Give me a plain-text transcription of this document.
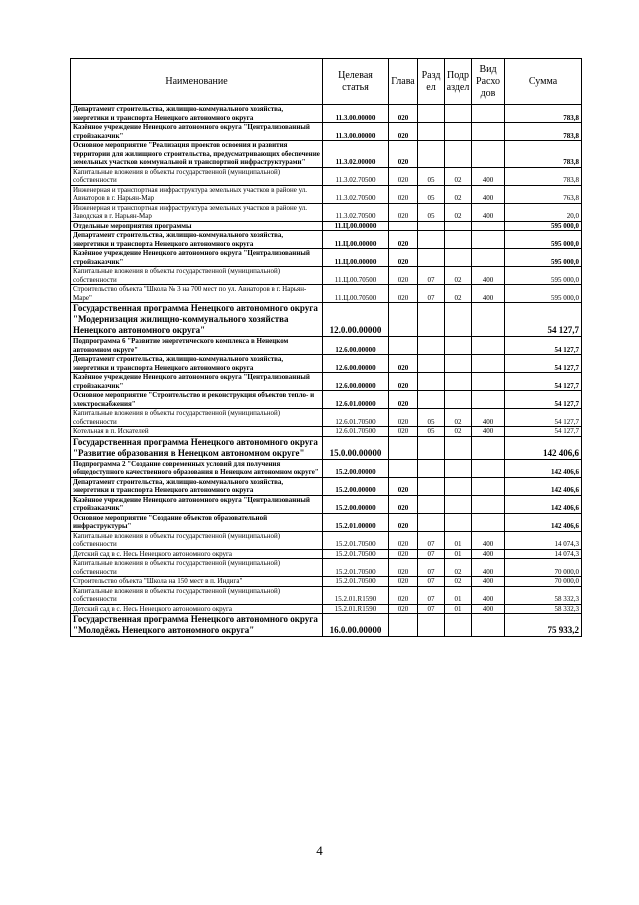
Наименование	Целевая статья	Глава	Разд ел	Подр аздел	Вид Расхо дов	Сумма
Департамент строительства, жилищно-коммунального хозяйства, энергетики и транспорта Ненецкого автономного округа	11.3.00.00000	020				783,8
Казённое учреждение Ненецкого автономного округа "Централизованный стройзаказчик"	11.3.00.00000	020				783,8
Основное мероприятие "Реализация проектов освоения и развития территории для жилищного строительства, предусматривающих обеспечение земельных участков коммунальной и транспортной инфраструктурами"	11.3.02.00000	020				783,8
Капитальные вложения в объекты государственной (муниципальной) собственности	11.3.02.70500	020	05	02	400	783,8
Инженерная и транспортная инфраструктура земельных участков в районе ул. Авиаторов в г. Нарьян-Мар	11.3.02.70500	020	05	02	400	763,8
Инженерная и транспортная инфраструктура земельных участков в районе ул. Заводская в г. Нарьян-Мар	11.3.02.70500	020	05	02	400	20,0
Отдельные мероприятия программы	11.Ц.00.00000					595 000,0
Департамент строительства, жилищно-коммунального хозяйства, энергетики и транспорта Ненецкого автономного округа	11.Ц.00.00000	020				595 000,0
Казённое учреждение Ненецкого автономного округа "Централизованный стройзаказчик"	11.Ц.00.00000	020				595 000,0
Капитальные вложения в объекты государственной (муниципальной) собственности	11.Ц.00.70500	020	07	02	400	595 000,0
Строительство объекта "Школа № 3 на 700 мест по ул. Авиаторов в г. Нарьян-Маре"	11.Ц.00.70500	020	07	02	400	595 000,0
Государственная программа Ненецкого автономного округа "Модернизация жилищно-коммунального хозяйства Ненецкого автономного округа"	12.0.00.00000					54 127,7
Подпрограмма 6 "Развитие энергетического комплекса в Ненецком автономном округе"	12.6.00.00000					54 127,7
Департамент строительства, жилищно-коммунального хозяйства, энергетики и транспорта Ненецкого автономного округа	12.6.00.00000	020				54 127,7
Казённое учреждение Ненецкого автономного округа "Централизованный стройзаказчик"	12.6.00.00000	020				54 127,7
Основное мероприятие "Строительство и реконструкция объектов тепло- и электроснабжения"	12.6.01.00000	020				54 127,7
Капитальные вложения в объекты государственной (муниципальной) собственности	12.6.01.70500	020	05	02	400	54 127,7
Котельная в п. Искателей	12.6.01.70500	020	05	02	400	54 127,7
Государственная программа Ненецкого автономного округа "Развитие образования в Ненецком автономном округе"	15.0.00.00000					142 406,6
Подпрограмма 2 "Создание современных условий для получения общедоступного качественного образования в Ненецком автономном округе"	15.2.00.00000					142 406,6
Департамент строительства, жилищно-коммунального хозяйства, энергетики и транспорта Ненецкого автономного округа	15.2.00.00000	020				142 406,6
Казённое учреждение Ненецкого автономного округа "Централизованный стройзаказчик"	15.2.00.00000	020				142 406,6
Основное мероприятие "Создание объектов образовательной инфраструктуры"	15.2.01.00000	020				142 406,6
Капитальные вложения в объекты государственной (муниципальной) собственности	15.2.01.70500	020	07	01	400	14 074,3
Детский сад в с. Несь Ненецкого автономного округа	15.2.01.70500	020	07	01	400	14 074,3
Капитальные вложения в объекты государственной (муниципальной) собственности	15.2.01.70500	020	07	02	400	70 000,0
Строительство объекта "Школа на 150 мест в п. Индига"	15.2.01.70500	020	07	02	400	70 000,0
Капитальные вложения в объекты государственной (муниципальной) собственности	15.2.01.R1590	020	07	01	400	58 332,3
Детский сад в с. Несь Ненецкого автономного округа	15.2.01.R1590	020	07	01	400	58 332,3
Государственная программа Ненецкого автономного округа "Молодёжь Ненецкого автономного округа"	16.0.00.00000					75 933,2
4
